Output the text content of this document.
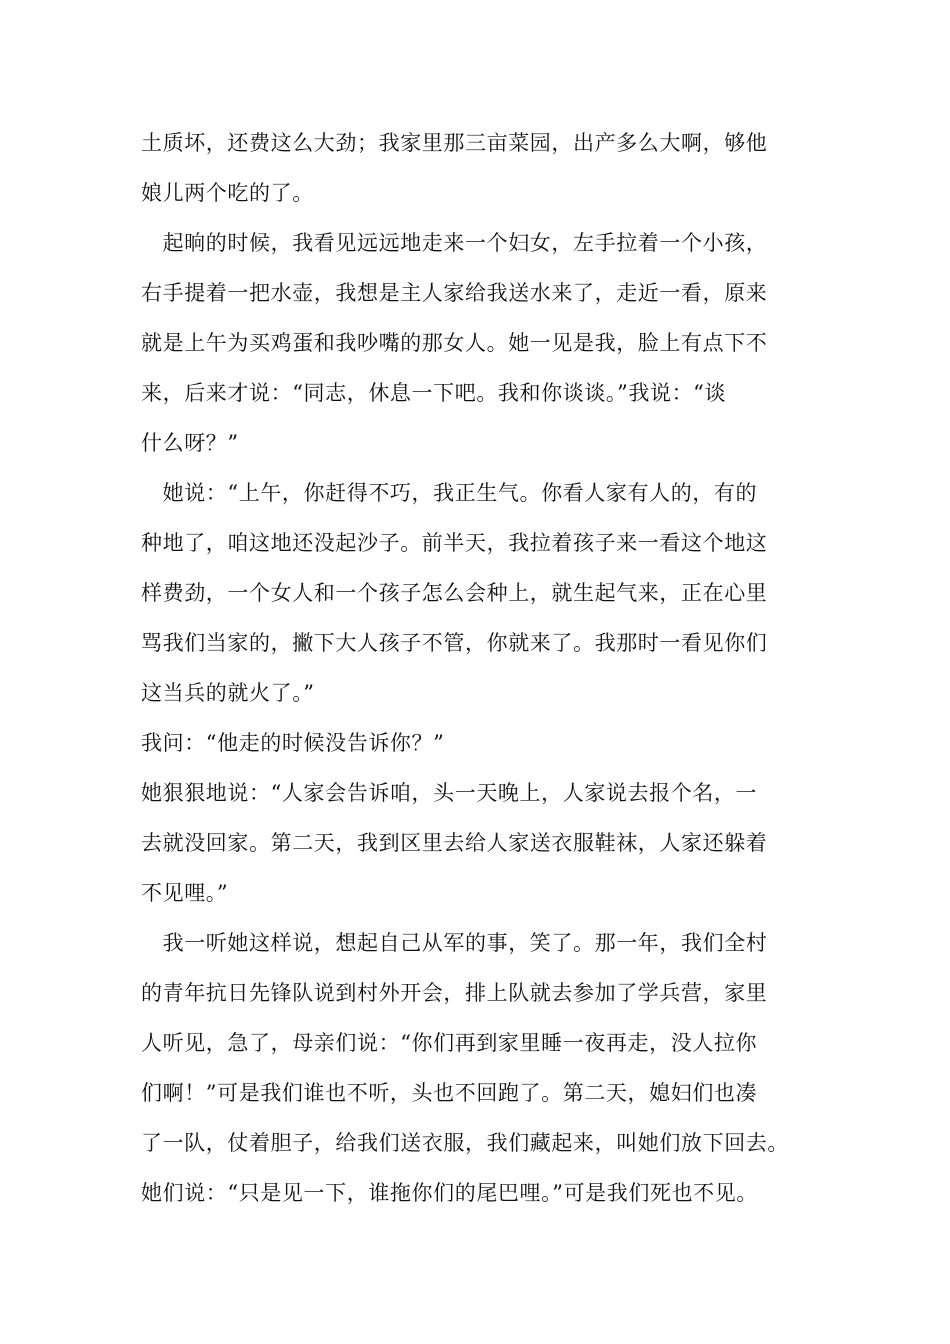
土质坏，还费这么大劲；我家里那三亩菜园，出产多么大啊，够他
娘儿两个吃的了。
　起晌的时候，我看见远远地走来一个妇女，左手拉着一个小孩，
右手提着一把水壶，我想是主人家给我送水来了，走近一看，原来
就是上午为买鸡蛋和我吵嘴的那女人。她一见是我，脸上有点下不
来，后来才说：“同志，休息一下吧。我和你谈谈。”我说：“谈
什么呀？”
　她说：“上午，你赶得不巧，我正生气。你看人家有人的，有的
种地了，咱这地还没起沙子。前半天，我拉着孩子来一看这个地这
样费劲，一个女人和一个孩子怎么会种上，就生起气来，正在心里
骂我们当家的，撇下大人孩子不管，你就来了。我那时一看见你们
这当兵的就火了。”
我问：“他走的时候没告诉你？”
她狠狠地说：“人家会告诉咱，头一天晚上，人家说去报个名，一
去就没回家。第二天，我到区里去给人家送衣服鞋袜，人家还躲着
不见哩。”
　我一听她这样说，想起自己从军的事，笑了。那一年，我们全村
的青年抗日先锋队说到村外开会，排上队就去参加了学兵营，家里
人听见，急了，母亲们说：“你们再到家里睡一夜再走，没人拉你
们啊！”可是我们谁也不听，头也不回跑了。第二天，媳妇们也凑
了一队，仗着胆子，给我们送衣服，我们藏起来，叫她们放下回去。
她们说：“只是见一下，谁拖你们的尾巴哩。”可是我们死也不见。
